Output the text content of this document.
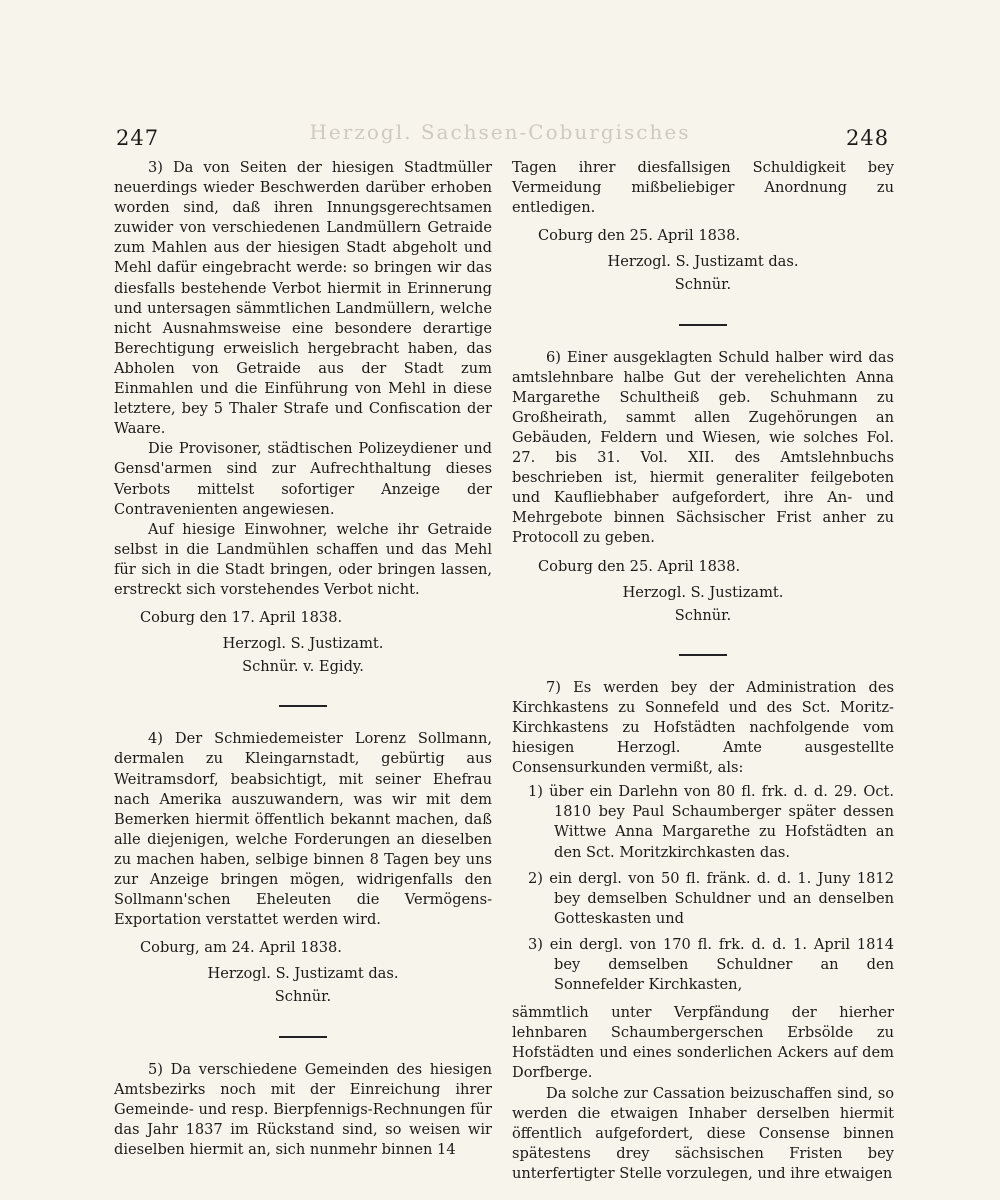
247	Herzogl. Sachsen-Coburgisches	248

3) Da von Seiten der hiesigen Stadtmüller neuerdings wieder Beschwerden darüber erhoben worden sind, daß ihren Innungsgerechtsamen zuwider von verschiedenen Landmüllern Getraide zum Mahlen aus der hiesigen Stadt abgeholt und Mehl dafür eingebracht werde: so bringen wir das diesfalls bestehende Verbot hiermit in Erinnerung und untersagen sämmtlichen Landmüllern, welche nicht Ausnahmsweise eine besondere derartige Berechtigung erweislich hergebracht haben, das Abholen von Getraide aus der Stadt zum Einmahlen und die Einführung von Mehl in diese letztere, bey 5 Thaler Strafe und Confiscation der Waare.

Die Provisoner, städtischen Polizeydiener und Gensd'armen sind zur Aufrechthaltung dieses Verbots mittelst sofortiger Anzeige der Contravenienten angewiesen.

Auf hiesige Einwohner, welche ihr Getraide selbst in die Landmühlen schaffen und das Mehl für sich in die Stadt bringen, oder bringen lassen, erstreckt sich vorstehendes Verbot nicht.

Coburg den 17. April 1838.

Herzogl. S. Justizamt.

Schnür. v. Egidy.

4) Der Schmiedemeister Lorenz Sollmann, dermalen zu Kleingarnstadt, gebürtig aus Weitramsdorf, beabsichtigt, mit seiner Ehefrau nach Amerika auszuwandern, was wir mit dem Bemerken hiermit öffentlich bekannt machen, daß alle diejenigen, welche Forderungen an dieselben zu machen haben, selbige binnen 8 Tagen bey uns zur Anzeige bringen mögen, widrigenfalls den Sollmann'schen Eheleuten die Vermögens-Exportation verstattet werden wird.

Coburg, am 24. April 1838.

Herzogl. S. Justizamt das.

Schnür.

5) Da verschiedene Gemeinden des hiesigen Amtsbezirks noch mit der Einreichung ihrer Gemeinde- und resp. Bierpfennigs-Rechnungen für das Jahr 1837 im Rückstand sind, so weisen wir dieselben hiermit an, sich nunmehr binnen 14

Tagen ihrer diesfallsigen Schuldigkeit bey Vermeidung mißbeliebiger Anordnung zu entledigen.

Coburg den 25. April 1838.

Herzogl. S. Justizamt das.

Schnür.

6) Einer ausgeklagten Schuld halber wird das amtslehnbare halbe Gut der verehelichten Anna Margarethe Schultheiß geb. Schuhmann zu Großheirath, sammt allen Zugehörungen an Gebäuden, Feldern und Wiesen, wie solches Fol. 27. bis 31. Vol. XII. des Amtslehnbuchs beschrieben ist, hiermit generaliter feilgeboten und Kaufliebhaber aufgefordert, ihre An- und Mehrgebote binnen Sächsischer Frist anher zu Protocoll zu geben.

Coburg den 25. April 1838.

Herzogl. S. Justizamt.

Schnür.

7) Es werden bey der Administration des Kirchkastens zu Sonnefeld und des Sct. Moritz-Kirchkastens zu Hofstädten nachfolgende vom hiesigen Herzogl. Amte ausgestellte Consensurkunden vermißt, als:

1) über ein Darlehn von 80 fl. frk. d. d. 29. Oct. 1810 bey Paul Schaumberger später dessen Wittwe Anna Margarethe zu Hofstädten an den Sct. Moritzkirchkasten das.
2) ein dergl. von 50 fl. fränk. d. d. 1. Juny 1812 bey demselben Schuldner und an denselben Gotteskasten und
3) ein dergl. von 170 fl. frk. d. d. 1. April 1814 bey demselben Schuldner an den Sonnefelder Kirchkasten,

sämmtlich unter Verpfändung der hierher lehnbaren Schaumbergerschen Erbsölde zu Hofstädten und eines sonderlichen Ackers auf dem Dorfberge.

Da solche zur Cassation beizuschaffen sind, so werden die etwaigen Inhaber derselben hiermit öffentlich aufgefordert, diese Consense binnen spätestens drey sächsischen Fristen bey unterfertigter Stelle vorzulegen, und ihre etwaigen
